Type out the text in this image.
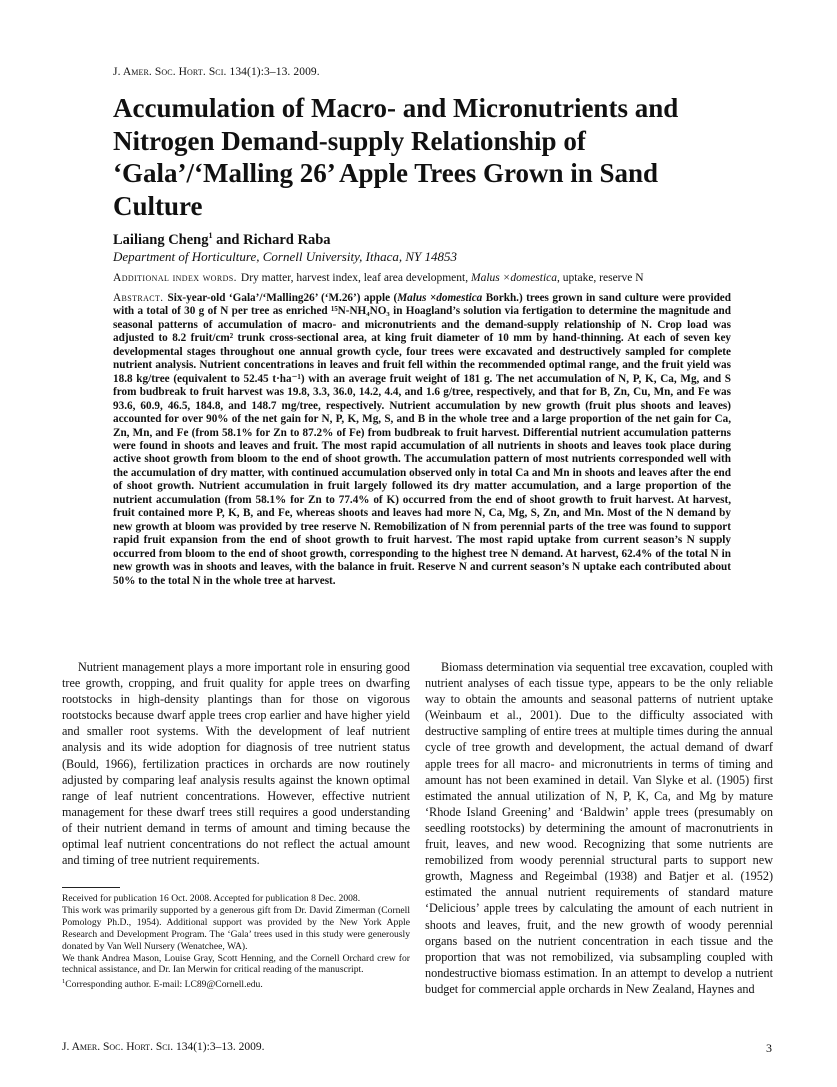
J. Amer. Soc. Hort. Sci. 134(1):3–13. 2009.
Accumulation of Macro- and Micronutrients and Nitrogen Demand-supply Relationship of ‘Gala’/‘Malling 26’ Apple Trees Grown in Sand Culture
Lailiang Cheng$^1$ and Richard Raba
Department of Horticulture, Cornell University, Ithaca, NY 14853
Additional index words. Dry matter, harvest index, leaf area development, Malus ×domestica, uptake, reserve N

Abstract. Six-year-old ‘Gala’/‘Malling26’ (‘M.26’) apple (Malus ×domestica Borkh.) trees grown in sand culture were provided with a total of 30 g of N per tree as enriched ¹⁵N-NH₄NO₃ in Hoagland’s solution via fertigation to determine the magnitude and seasonal patterns of accumulation of macro- and micronutrients and the demand-supply relationship of N. Crop load was adjusted to 8.2 fruit/cm² trunk cross-sectional area, at king fruit diameter of 10 mm by hand-thinning. At each of seven key developmental stages throughout one annual growth cycle, four trees were excavated and destructively sampled for complete nutrient analysis. Nutrient concentrations in leaves and fruit fell within the recommended optimal range, and the fruit yield was 18.8 kg/tree (equivalent to 52.45 t·ha⁻¹) with an average fruit weight of 181 g. The net accumulation of N, P, K, Ca, Mg, and S from budbreak to fruit harvest was 19.8, 3.3, 36.0, 14.2, 4.4, and 1.6 g/tree, respectively, and that for B, Zn, Cu, Mn, and Fe was 93.6, 60.9, 46.5, 184.8, and 148.7 mg/tree, respectively. Nutrient accumulation by new growth (fruit plus shoots and leaves) accounted for over 90% of the net gain for N, P, K, Mg, S, and B in the whole tree and a large proportion of the net gain for Ca, Zn, Mn, and Fe (from 58.1% for Zn to 87.2% of Fe) from budbreak to fruit harvest. Differential nutrient accumulation patterns were found in shoots and leaves and fruit. The most rapid accumulation of all nutrients in shoots and leaves took place during active shoot growth from bloom to the end of shoot growth. The accumulation pattern of most nutrients corresponded well with the accumulation of dry matter, with continued accumulation observed only in total Ca and Mn in shoots and leaves after the end of shoot growth. Nutrient accumulation in fruit largely followed its dry matter accumulation, and a large proportion of the nutrient accumulation (from 58.1% for Zn to 77.4% of K) occurred from the end of shoot growth to fruit harvest. At harvest, fruit contained more P, K, B, and Fe, whereas shoots and leaves had more N, Ca, Mg, S, Zn, and Mn. Most of the N demand by new growth at bloom was provided by tree reserve N. Remobilization of N from perennial parts of the tree was found to support rapid fruit expansion from the end of shoot growth to fruit harvest. The most rapid uptake from current season’s N supply occurred from bloom to the end of shoot growth, corresponding to the highest tree N demand. At harvest, 62.4% of the total N in new growth was in shoots and leaves, with the balance in fruit. Reserve N and current season’s N uptake each contributed about 50% to the total N in the whole tree at harvest.

Nutrient management plays a more important role in ensuring good tree growth, cropping, and fruit quality for apple trees on dwarfing rootstocks in high-density plantings than for those on vigorous rootstocks because dwarf apple trees crop earlier and have higher yield and smaller root systems. With the development of leaf nutrient analysis and its wide adoption for diagnosis of tree nutrient status (Bould, 1966), fertilization practices in orchards are now routinely adjusted by comparing leaf analysis results against the known optimal range of leaf nutrient concentrations. However, effective nutrient management for these dwarf trees still requires a good understanding of their nutrient demand in terms of amount and timing because the optimal leaf nutrient concentrations do not reflect the actual amount and timing of tree nutrient requirements.

Biomass determination via sequential tree excavation, coupled with nutrient analyses of each tissue type, appears to be the only reliable way to obtain the amounts and seasonal patterns of nutrient uptake (Weinbaum et al., 2001). Due to the difficulty associated with destructive sampling of entire trees at multiple times during the annual cycle of tree growth and development, the actual demand of dwarf apple trees for all macro- and micronutrients in terms of timing and amount has not been examined in detail. Van Slyke et al. (1905) first estimated the annual utilization of N, P, K, Ca, and Mg by mature ‘Rhode Island Greening’ and ‘Baldwin’ apple trees (presumably on seedling rootstocks) by determining the amount of macronutrients in fruit, leaves, and new wood. Recognizing that some nutrients are remobilized from woody perennial structural parts to support new growth, Magness and Regeimbal (1938) and Batjer et al. (1952) estimated the annual nutrient requirements of standard mature ‘Delicious’ apple trees by calculating the amount of each nutrient in shoots and leaves, fruit, and the new growth of woody perennial organs based on the nutrient concentration in each tissue and the proportion that was not remobilized, via subsampling coupled with nondestructive biomass estimation. In an attempt to develop a nutrient budget for commercial apple orchards in New Zealand, Haynes and

Received for publication 16 Oct. 2008. Accepted for publication 8 Dec. 2008.

This work was primarily supported by a generous gift from Dr. David Zimerman (Cornell Pomology Ph.D., 1954). Additional support was provided by the New York Apple Research and Development Program. The ‘Gala’ trees used in this study were generously donated by Van Well Nursery (Wenatchee, WA).

We thank Andrea Mason, Louise Gray, Scott Henning, and the Cornell Orchard crew for technical assistance, and Dr. Ian Merwin for critical reading of the manuscript.

$^1$Corresponding author. E-mail: LC89@Cornell.edu.

J. Amer. Soc. Hort. Sci. 134(1):3–13. 2009.	3
